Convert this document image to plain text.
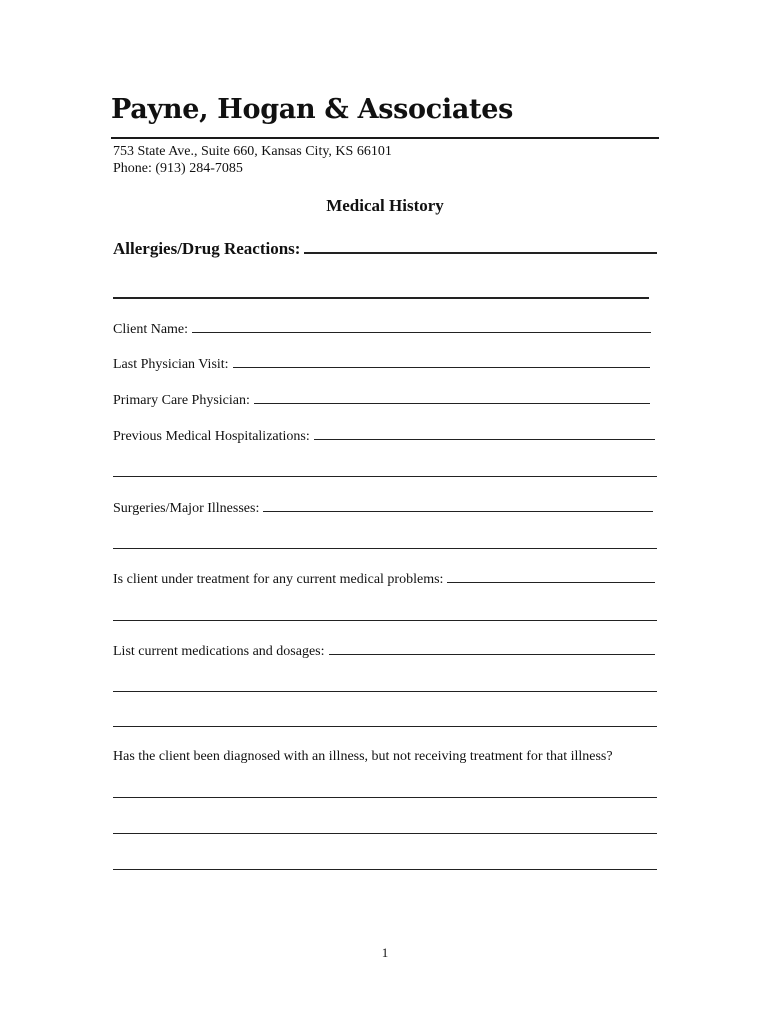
Payne, Hogan & Associates
753 State Ave., Suite 660, Kansas City, KS 66101
Phone: (913) 284-7085
Medical History
Allergies/Drug Reactions:
Client Name:
Last Physician Visit:
Primary Care Physician:
Previous Medical Hospitalizations:
Surgeries/Major Illnesses:
Is client under treatment for any current medical problems:
List current medications and dosages:
Has the client been diagnosed with an illness, but not receiving treatment for that illness?
1
